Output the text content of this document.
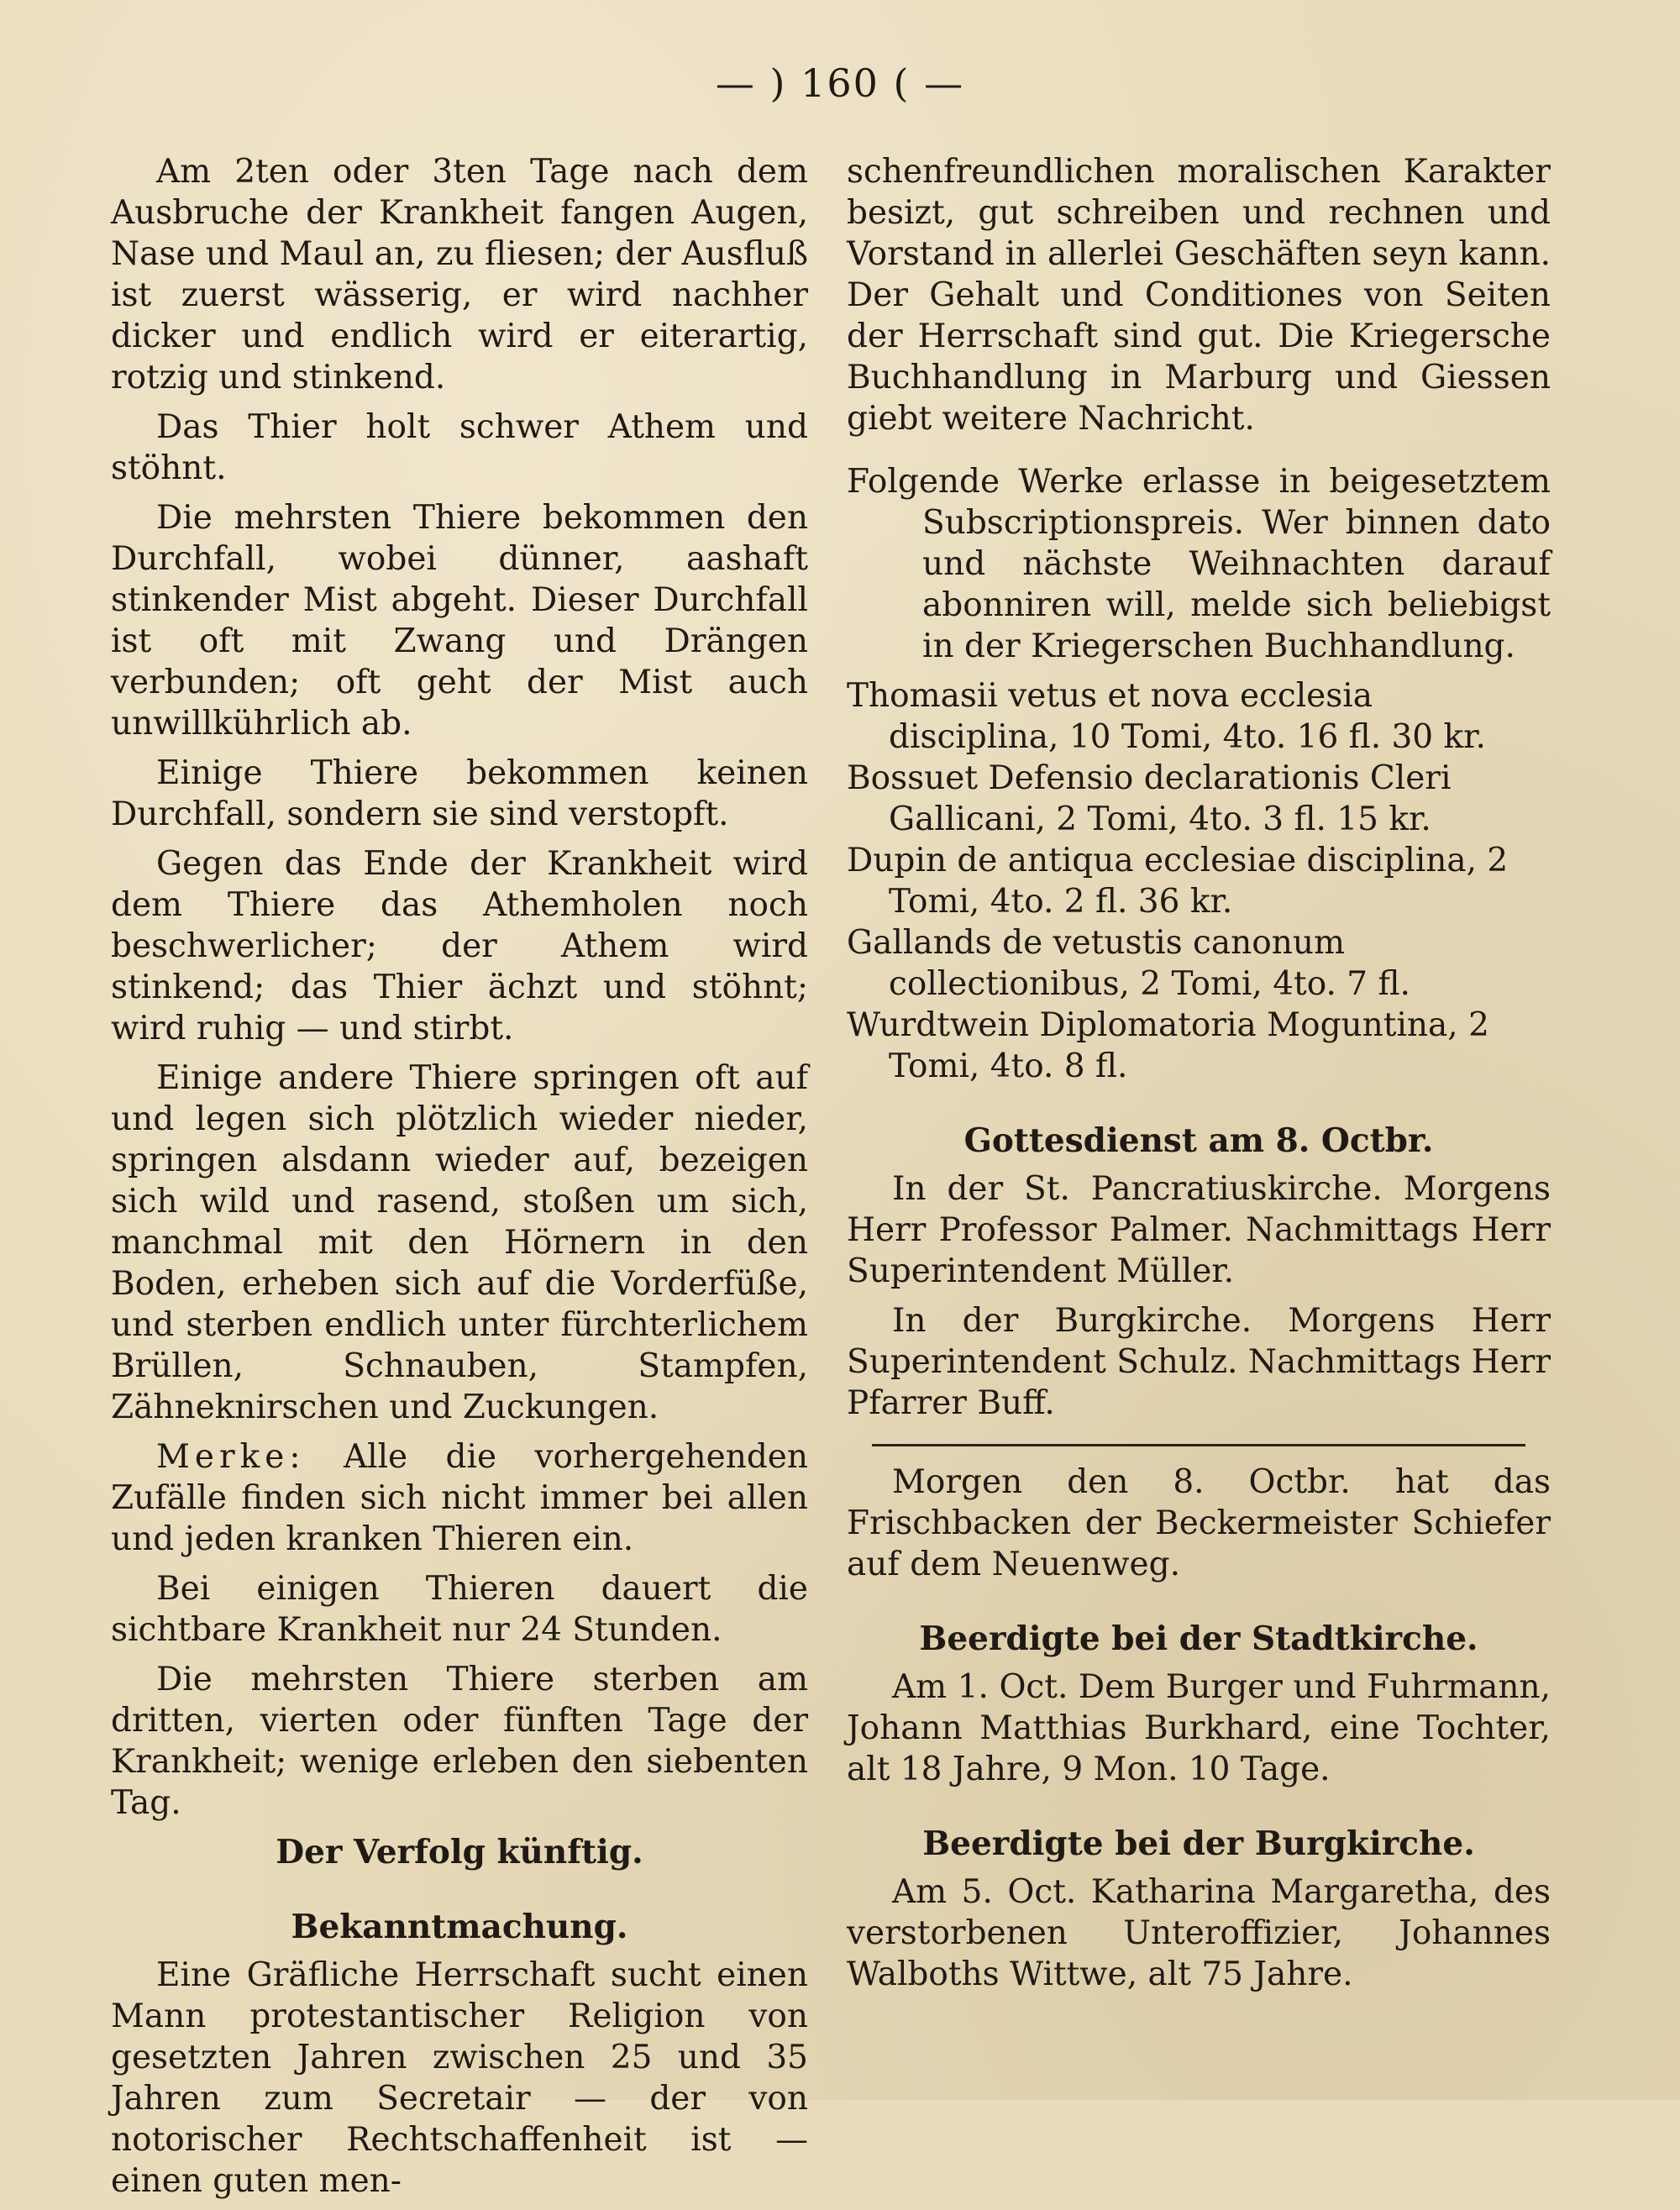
— ) 160 ( —

Am 2ten oder 3ten Tage nach dem Ausbruche der Krankheit fangen Augen, Nase und Maul an, zu fliesen; der Ausfluß ist zuerst wässerig, er wird nachher dicker und endlich wird er eiterartig, rotzig und stinkend.

Das Thier holt schwer Athem und stöhnt.

Die mehrsten Thiere bekommen den Durchfall, wobei dünner, aashaft stinkender Mist abgeht. Dieser Durchfall ist oft mit Zwang und Drängen verbunden; oft geht der Mist auch unwillkührlich ab.

Einige Thiere bekommen keinen Durchfall, sondern sie sind verstopft.

Gegen das Ende der Krankheit wird dem Thiere das Athemholen noch beschwerlicher; der Athem wird stinkend; das Thier ächzt und stöhnt; wird ruhig — und stirbt.

Einige andere Thiere springen oft auf und legen sich plötzlich wieder nieder, springen alsdann wieder auf, bezeigen sich wild und rasend, stoßen um sich, manchmal mit den Hörnern in den Boden, erheben sich auf die Vorderfüße, und sterben endlich unter fürchterlichem Brüllen, Schnauben, Stampfen, Zähneknirschen und Zuckungen.

Merke: Alle die vorhergehenden Zufälle finden sich nicht immer bei allen und jeden kranken Thieren ein.

Bei einigen Thieren dauert die sichtbare Krankheit nur 24 Stunden.

Die mehrsten Thiere sterben am dritten, vierten oder fünften Tage der Krankheit; wenige erleben den siebenten Tag.

Der Verfolg künftig.
Bekanntmachung.

Eine Gräfliche Herrschaft sucht einen Mann protestantischer Religion von gesetzten Jahren zwischen 25 und 35 Jahren zum Secretair — der von notorischer Rechtschaffenheit ist — einen guten men-

schenfreundlichen moralischen Karakter besizt, gut schreiben und rechnen und Vorstand in allerlei Geschäften seyn kann. Der Gehalt und Conditiones von Seiten der Herrschaft sind gut. Die Kriegersche Buchhandlung in Marburg und Giessen giebt weitere Nachricht.

Folgende Werke erlasse in beigesetztem Subscriptionspreis. Wer binnen dato und nächste Weihnachten darauf abonniren will, melde sich beliebigst in der Kriegerschen Buchhandlung.

Thomasii vetus et nova ecclesia disciplina, 10 Tomi, 4to. 16 fl. 30 kr.

Bossuet Defensio declarationis Cleri Gallicani, 2 Tomi, 4to. 3 fl. 15 kr.

Dupin de antiqua ecclesiae disciplina, 2 Tomi, 4to. 2 fl. 36 kr.

Gallands de vetustis canonum collectionibus, 2 Tomi, 4to. 7 fl.

Wurdtwein Diplomatoria Moguntina, 2 Tomi, 4to. 8 fl.

Gottesdienst am 8. Octbr.

In der St. Pancratiuskirche. Morgens Herr Professor Palmer. Nachmittags Herr Superintendent Müller.

In der Burgkirche. Morgens Herr Superintendent Schulz. Nachmittags Herr Pfarrer Buff.

Morgen den 8. Octbr. hat das Frischbacken der Beckermeister Schiefer auf dem Neuenweg.

Beerdigte bei der Stadtkirche.

Am 1. Oct. Dem Burger und Fuhrmann, Johann Matthias Burkhard, eine Tochter, alt 18 Jahre, 9 Mon. 10 Tage.

Beerdigte bei der Burgkirche.

Am 5. Oct. Katharina Margaretha, des verstorbenen Unteroffizier, Johannes Walboths Wittwe, alt 75 Jahre.
